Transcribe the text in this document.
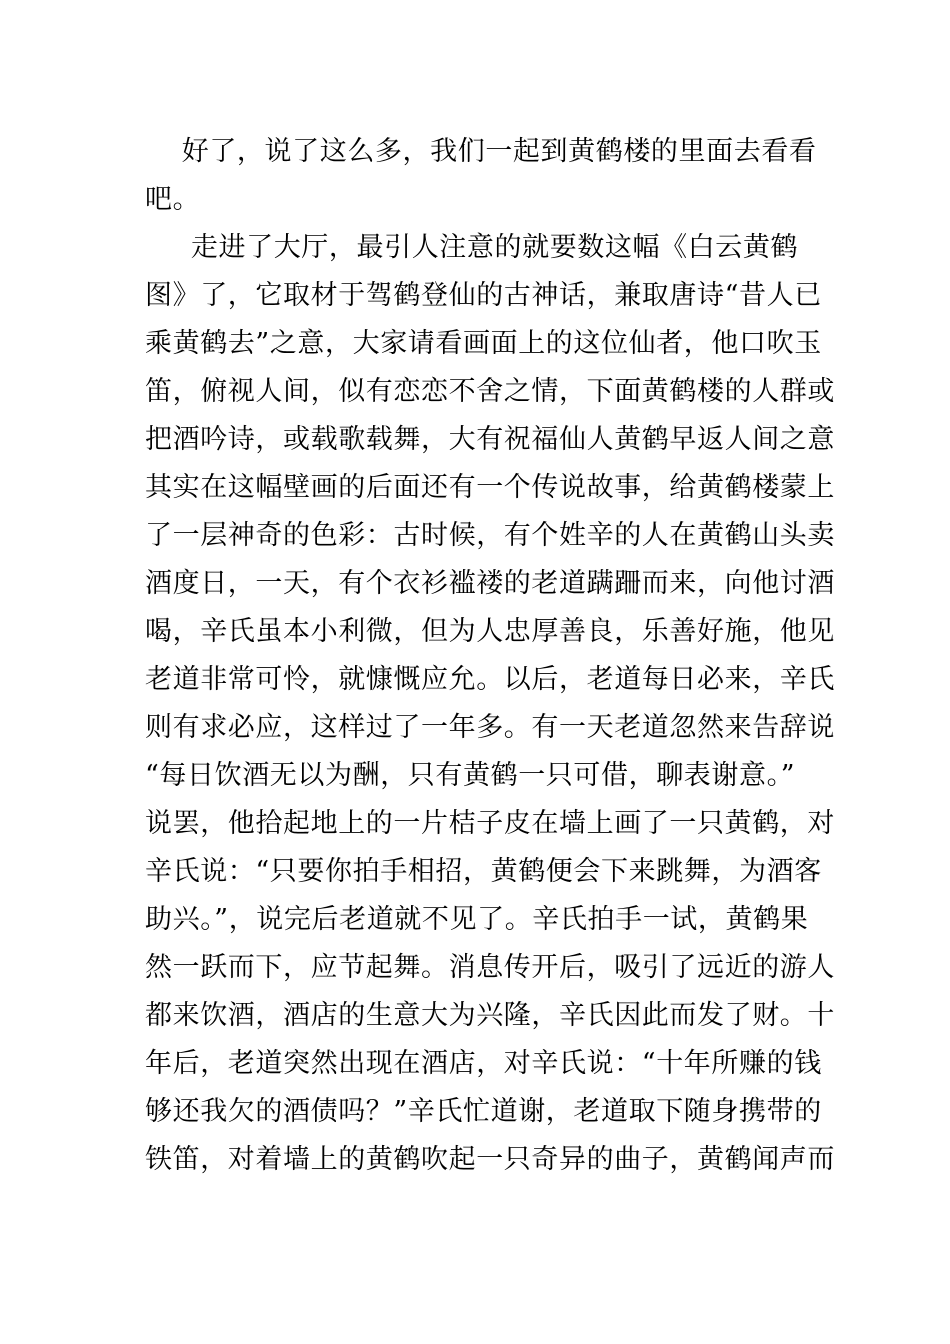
好了，说了这么多，我们一起到黄鹤楼的里面去看看
吧。
走进了大厅，最引人注意的就要数这幅《白云黄鹤
图》了，它取材于驾鹤登仙的古神话，兼取唐诗“昔人已
乘黄鹤去”之意，大家请看画面上的这位仙者，他口吹玉
笛，俯视人间，似有恋恋不舍之情，下面黄鹤楼的人群或
把酒吟诗，或载歌载舞，大有祝福仙人黄鹤早返人间之意
其实在这幅壁画的后面还有一个传说故事，给黄鹤楼蒙上
了一层神奇的色彩：古时候，有个姓辛的人在黄鹤山头卖
酒度日，一天，有个衣衫褴褛的老道蹒跚而来，向他讨酒
喝，辛氏虽本小利微，但为人忠厚善良，乐善好施，他见
老道非常可怜，就慷慨应允。以后，老道每日必来，辛氏
则有求必应，这样过了一年多。有一天老道忽然来告辞说
“每日饮酒无以为酬，只有黄鹤一只可借，聊表谢意。”
说罢，他拾起地上的一片桔子皮在墙上画了一只黄鹤，对
辛氏说：“只要你拍手相招，黄鹤便会下来跳舞，为酒客
助兴。”，说完后老道就不见了。辛氏拍手一试，黄鹤果
然一跃而下，应节起舞。消息传开后，吸引了远近的游人
都来饮酒，酒店的生意大为兴隆，辛氏因此而发了财。十
年后，老道突然出现在酒店，对辛氏说：“十年所赚的钱
够还我欠的酒债吗？”辛氏忙道谢，老道取下随身携带的
铁笛，对着墙上的黄鹤吹起一只奇异的曲子，黄鹤闻声而
